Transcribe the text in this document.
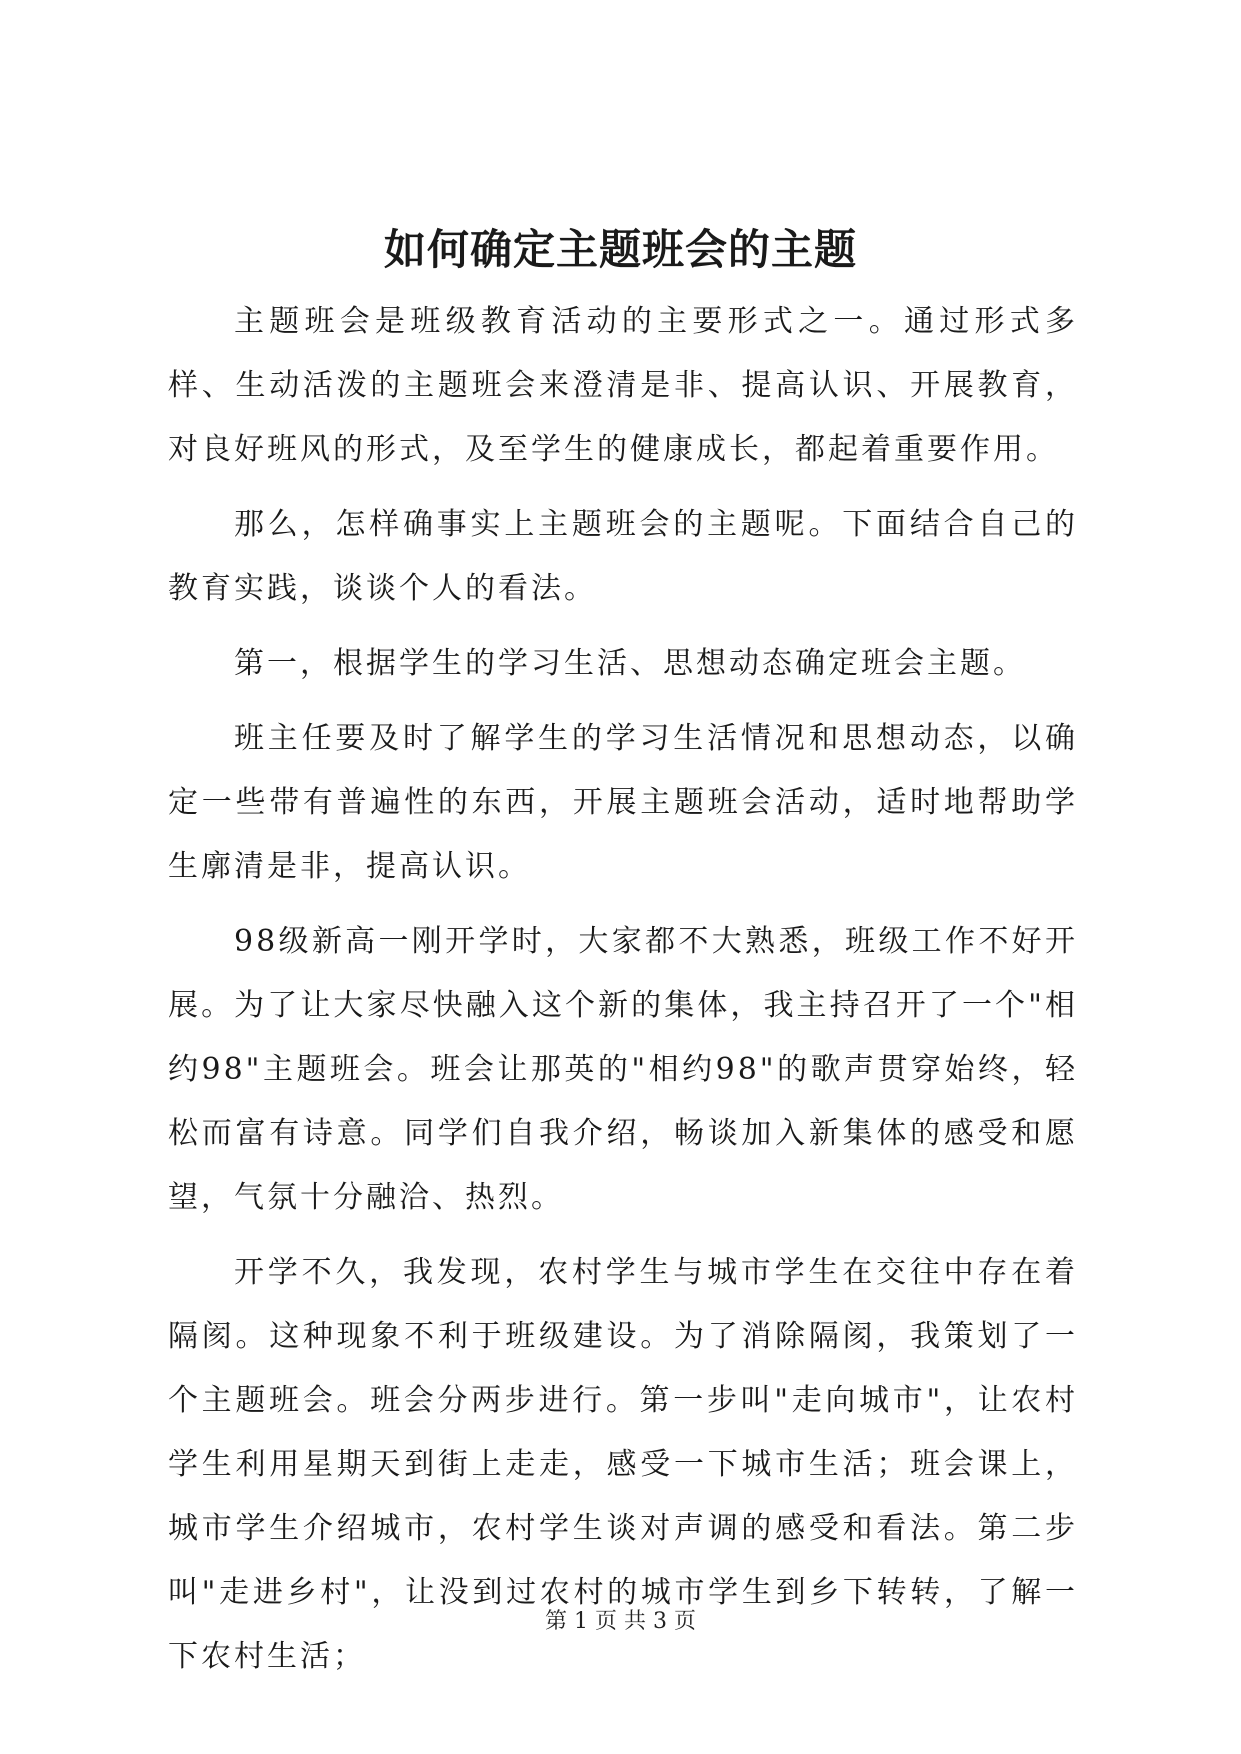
如何确定主题班会的主题

主题班会是班级教育活动的主要形式之一。通过形式多样、生动活泼的主题班会来澄清是非、提高认识、开展教育，对良好班风的形式，及至学生的健康成长，都起着重要作用。

那么，怎样确事实上主题班会的主题呢。下面结合自己的教育实践，谈谈个人的看法。

第一，根据学生的学习生活、思想动态确定班会主题。

班主任要及时了解学生的学习生活情况和思想动态，以确定一些带有普遍性的东西，开展主题班会活动，适时地帮助学生廓清是非，提高认识。

98级新高一刚开学时，大家都不大熟悉，班级工作不好开展。为了让大家尽快融入这个新的集体，我主持召开了一个"相约98"主题班会。班会让那英的"相约98"的歌声贯穿始终，轻松而富有诗意。同学们自我介绍，畅谈加入新集体的感受和愿望，气氛十分融洽、热烈。

开学不久，我发现，农村学生与城市学生在交往中存在着隔阂。这种现象不利于班级建设。为了消除隔阂，我策划了一个主题班会。班会分两步进行。第一步叫"走向城市"，让农村学生利用星期天到街上走走，感受一下城市生活；班会课上，城市学生介绍城市，农村学生谈对声调的感受和看法。第二步叫"走进乡村"，让没到过农村的城市学生到乡下转转，了解一下农村生活；

第 1 页 共 3 页
